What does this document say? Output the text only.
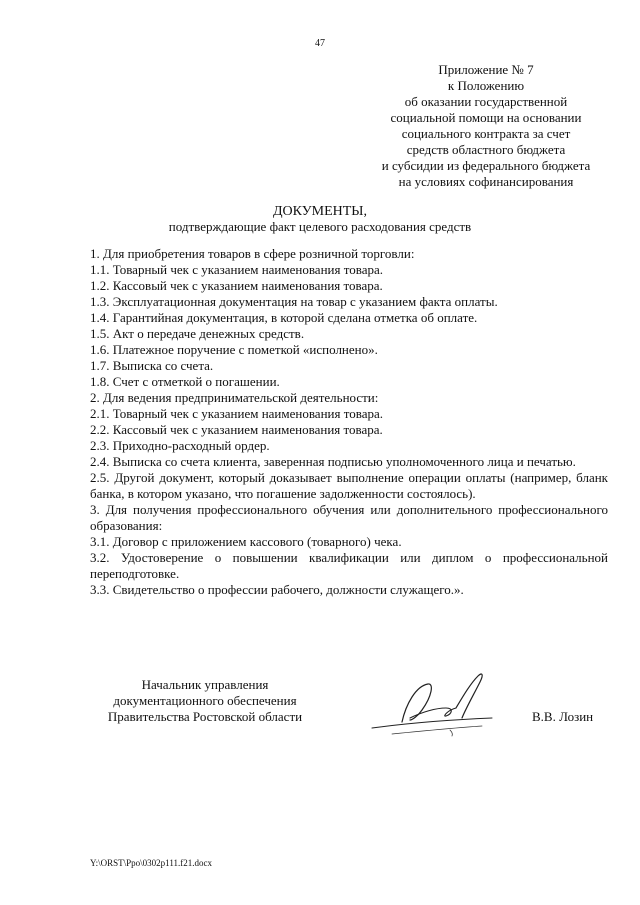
47
Приложение № 7
к Положению
об оказании государственной
социальной помощи на основании
социального контракта за счет
средств областного бюджета
и субсидии из федерального бюджета
на условиях софинансирования
ДОКУМЕНТЫ,
подтверждающие факт целевого расходования средств
1. Для приобретения товаров в сфере розничной торговли:
1.1. Товарный чек с указанием наименования товара.
1.2. Кассовый чек с указанием наименования товара.
1.3. Эксплуатационная документация на товар с указанием факта оплаты.
1.4. Гарантийная документация, в которой сделана отметка об оплате.
1.5. Акт о передаче денежных средств.
1.6. Платежное поручение с пометкой «исполнено».
1.7. Выписка со счета.
1.8. Счет с отметкой о погашении.
2. Для ведения предпринимательской деятельности:
2.1. Товарный чек с указанием наименования товара.
2.2. Кассовый чек с указанием наименования товара.
2.3. Приходно-расходный ордер.
2.4. Выписка со счета клиента, заверенная подписью уполномоченного лица и печатью.
2.5. Другой документ, который доказывает выполнение операции оплаты (например, бланк банка, в котором указано, что погашение задолженности состоялось).
3. Для получения профессионального обучения или дополнительного профессионального образования:
3.1. Договор с приложением кассового (товарного) чека.
3.2. Удостоверение о повышении квалификации или диплом о профессиональной переподготовке.
3.3. Свидетельство о профессии рабочего, должности служащего.».
Начальник управления
документационного обеспечения
Правительства Ростовской области	В.В. Лозин
Y:\ORST\Ppo\0302p111.f21.docx
